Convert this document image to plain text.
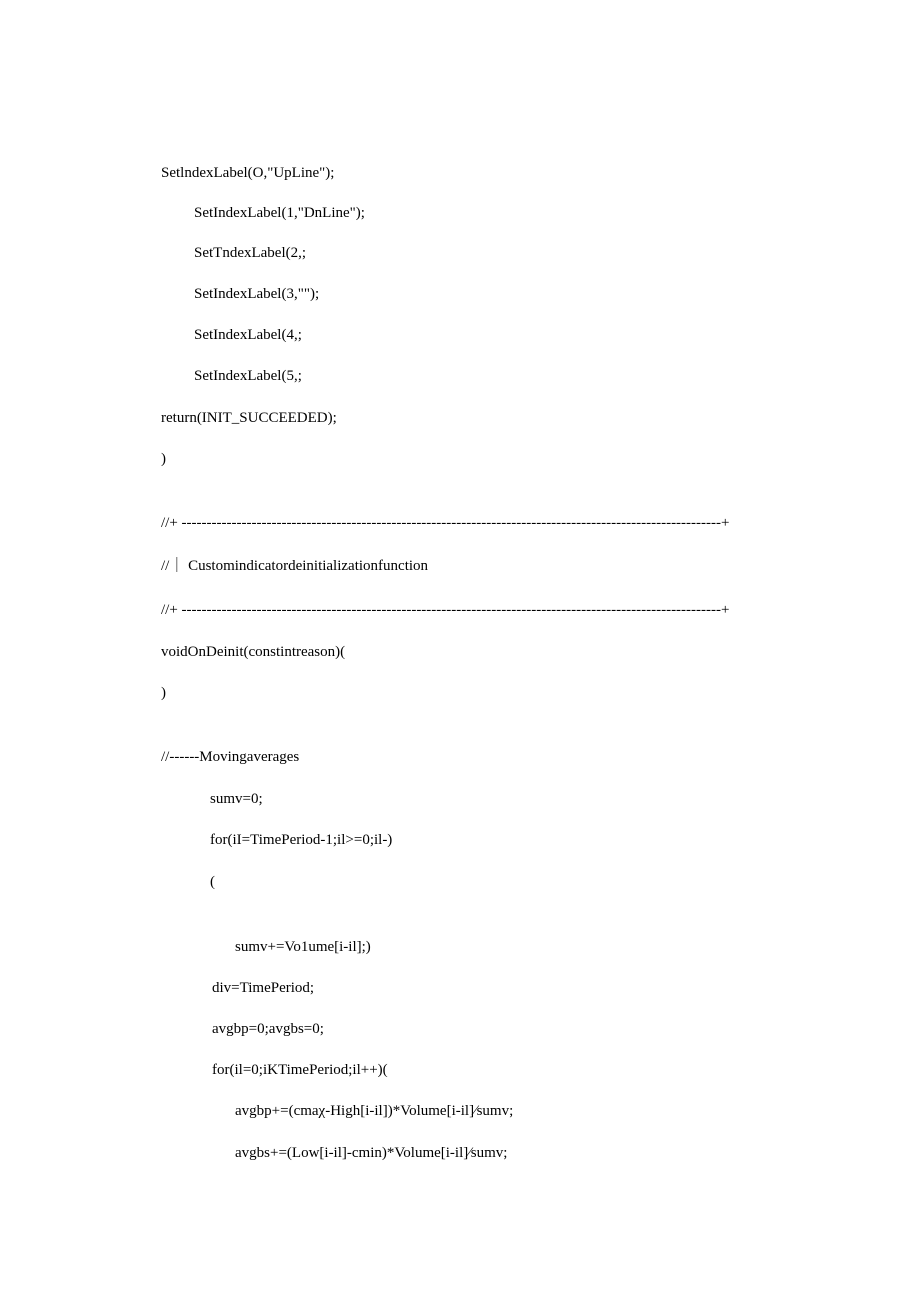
SetlndexLabel(O,"UpLine");
SetIndexLabel(1,"DnLine");
SetTndexLabel(2,;
SetIndexLabel(3,"");
SetIndexLabel(4,;
SetIndexLabel(5,;
return(INIT_SUCCEEDED);
)
//+ ------------------------------------------------------------------------------------------------------------+
//｜ Customindicatordeinitializationfunction
//+ ------------------------------------------------------------------------------------------------------------+
voidOnDeinit(constintreason)(
)
//------Movingaverages
sumv=0;
for(iI=TimePeriod-1;il>=0;il-)
(
sumv+=Vo1ume[i-il];)
div=TimePeriod;
avgbp=0;avgbs=0;
for(il=0;iKTimePeriod;il++)(
avgbp+=(cmaχ-High[i-il])*Volume[i-il]⁄sumv;
avgbs+=(Low[i-il]-cmin)*Volume[i-il]⁄sumv;
